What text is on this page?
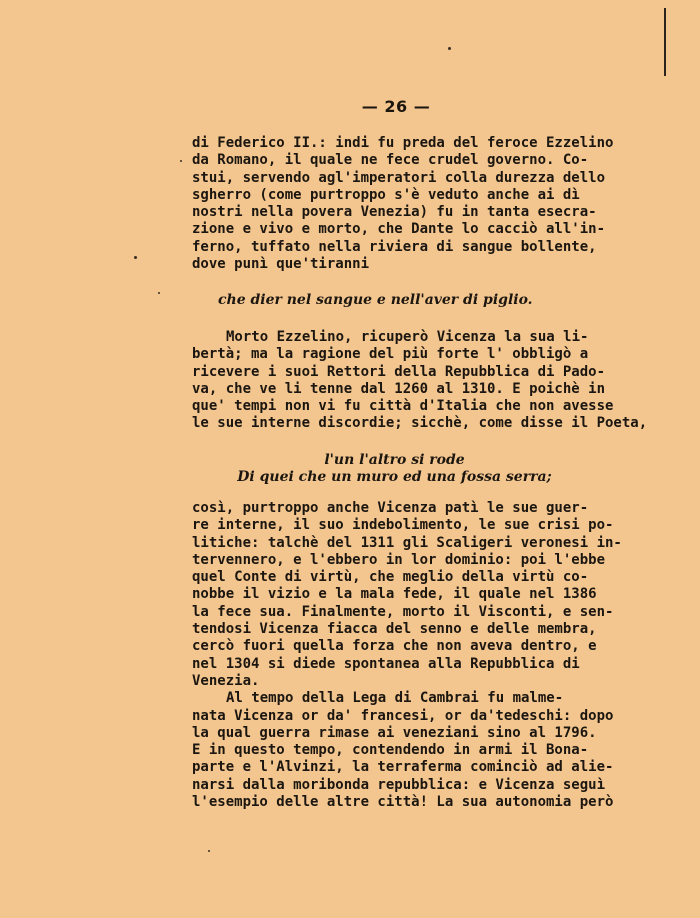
— 26 —
di Federico II.: indi fu preda del feroce Ezzelino
da Romano, il quale ne fece crudel governo. Co-
stui, servendo agl'imperatori colla durezza dello
sgherro (come purtroppo s'è veduto anche ai dì
nostri nella povera Venezia) fu in tanta esecra-
zione e vivo e morto, che Dante lo cacciò all'in-
ferno, tuffato nella riviera di sangue bollente,
dove punì que'tiranni
che dier nel sangue e nell'aver di piglio.
Morto Ezzelino, ricuperò Vicenza la sua li-
bertà; ma la ragione del più forte l' obbligò a
ricevere i suoi Rettori della Repubblica di Pado-
va, che ve li tenne dal 1260 al 1310. E poichè in
que' tempi non vi fu città d'Italia che non avesse
le sue interne discordie; sicchè, come disse il Poeta,
l'un l'altro si rode
Di quei che un muro ed una fossa serra;
così, purtroppo anche Vicenza patì le sue guer-
re interne, il suo indebolimento, le sue crisi po-
litiche: talchè del 1311 gli Scaligeri veronesi in-
tervennero, e l'ebbero in lor dominio: poi l'ebbe
quel Conte di virtù, che meglio della virtù co-
nobbe il vizio e la mala fede, il quale nel 1386
la fece sua. Finalmente, morto il Visconti, e sen-
tendosi Vicenza fiacca del senno e delle membra,
cercò fuori quella forza che non aveva dentro, e
nel 1304 si diede spontanea alla Repubblica di
Venezia.
Al tempo della Lega di Cambrai fu malme-
nata Vicenza or da' francesi, or da'tedeschi: dopo
la qual guerra rimase ai veneziani sino al 1796.
E in questo tempo, contendendo in armi il Bona-
parte e l'Alvinzi, la terraferma cominciò ad alie-
narsi dalla moribonda repubblica: e Vicenza seguì
l'esempio delle altre città! La sua autonomia però
